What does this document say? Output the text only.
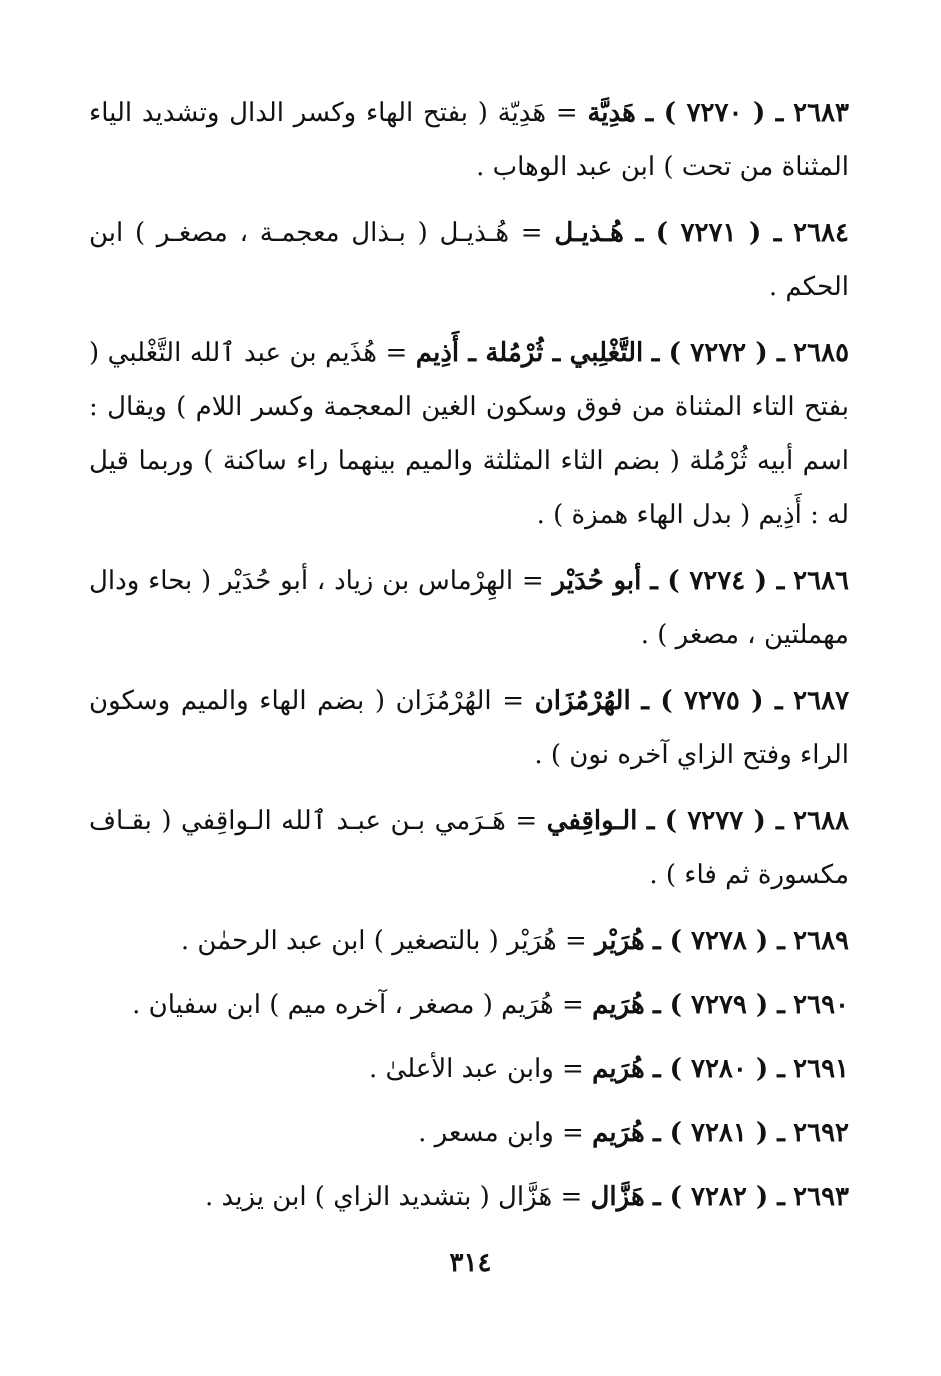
٢٦٨٣ ـ ( ٧٢٧٠ ) ـ هَدِيَّة = هَدِيّة ( بفتح الهاء وكسر الدال وتشديد الياء المثناة من تحت ) ابن عبد الوهاب .

٢٦٨٤ ـ ( ٧٢٧١ ) ـ هُـذيـل = هُـذيـل ( بـذال معجمـة ، مصغـر ) ابن الحكم .

٢٦٨٥ ـ ( ٧٢٧٢ ) ـ التَّغْلِبي ـ ثُرْمُلة ـ أَذِيم = هُذَيم بن عبد ٱلله التَّغْلبي ( بفتح التاء المثناة من فوق وسكون الغين المعجمة وكسر اللام ) ويقال : اسم أبيه ثُرْمُلة ( بضم الثاء المثلثة والميم بينهما راء ساكنة ) وربما قيل له : أَذِيم ( بدل الهاء همزة ) .

٢٦٨٦ ـ ( ٧٢٧٤ ) ـ أبو حُدَيْر = الهِرْماس بن زياد ، أبو حُدَيْر ( بحاء ودال مهملتين ، مصغر ) .

٢٦٨٧ ـ ( ٧٢٧٥ ) ـ الهُرْمُزَان = الهُرْمُزَان ( بضم الهاء والميم وسكون الراء وفتح الزاي آخره نون ) .

٢٦٨٨ ـ ( ٧٢٧٧ ) ـ الـواقِفي = هَـرَمي بـن عبـد ٱلله الـواقِفي ( بقـاف مكسورة ثم فاء ) .

٢٦٨٩ ـ ( ٧٢٧٨ ) ـ هُرَيْر = هُرَيْر ( بالتصغير ) ابن عبد الرحمٰن .

٢٦٩٠ ـ ( ٧٢٧٩ ) ـ هُرَيم = هُرَيم ( مصغر ، آخره ميم ) ابن سفيان .

٢٦٩١ ـ ( ٧٢٨٠ ) ـ هُرَيم = وابن عبد الأعلىٰ .

٢٦٩٢ ـ ( ٧٢٨١ ) ـ هُرَيم = وابن مسعر .

٢٦٩٣ ـ ( ٧٢٨٢ ) ـ هَزَّال = هَزَّال ( بتشديد الزاي ) ابن يزيد .

٣١٤
